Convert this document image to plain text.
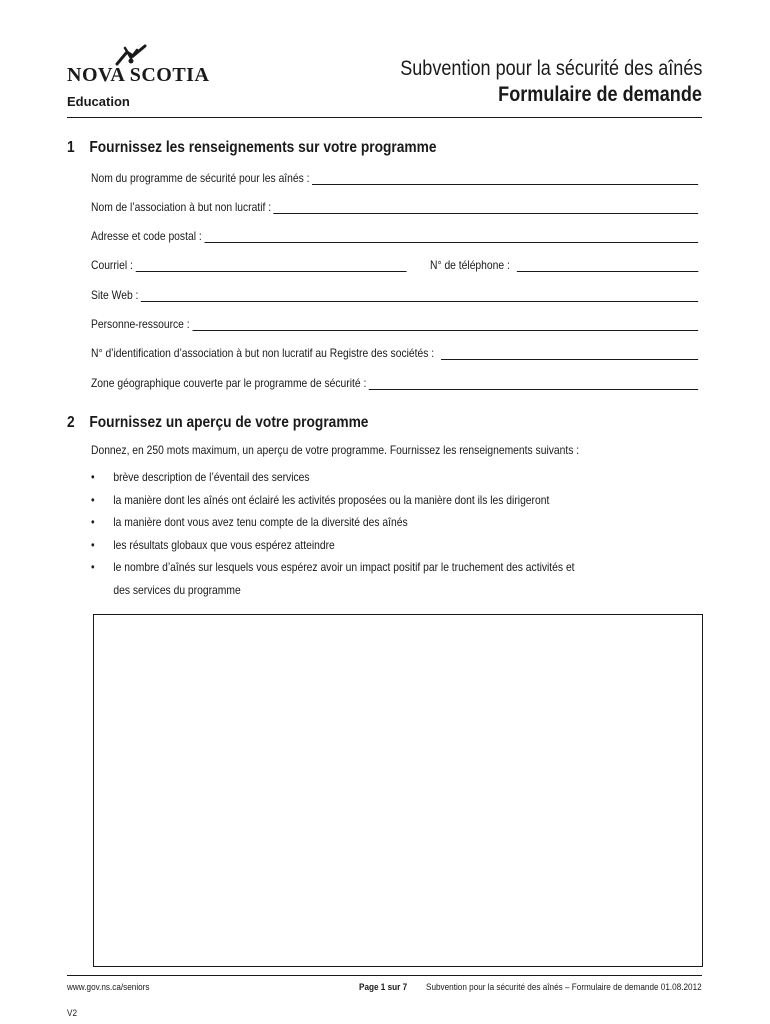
NOVA SCOTIA
Education
Subvention pour la sécurité des aînés
Formulaire de demande
1 Fournissez les renseignements sur votre programme
Nom du programme de sécurité pour les aînés :
Nom de l’association à but non lucratif :
Adresse et code postal :
Courriel :	N° de téléphone :
Site Web :
Personne-ressource :
N° d’identification d’association à but non lucratif au Registre des sociétés :
Zone géographique couverte par le programme de sécurité :
2 Fournissez un aperçu de votre programme
Donnez, en 250 mots maximum, un aperçu de votre programme. Fournissez les renseignements suivants :
•	brève description de l’éventail des services
•	la manière dont les aînés ont éclairé les activités proposées ou la manière dont ils les dirigeront
•	la manière dont vous avez tenu compte de la diversité des aînés
•	les résultats globaux que vous espérez atteindre
•	le nombre d’aînés sur lesquels vous espérez avoir un impact positif par le truchement des activités et
des services du programme
www.gov.ns.ca/seniors	Page 1 sur 7 Subvention pour la sécurité des aînés – Formulaire de demande 01.08.2012
V2
